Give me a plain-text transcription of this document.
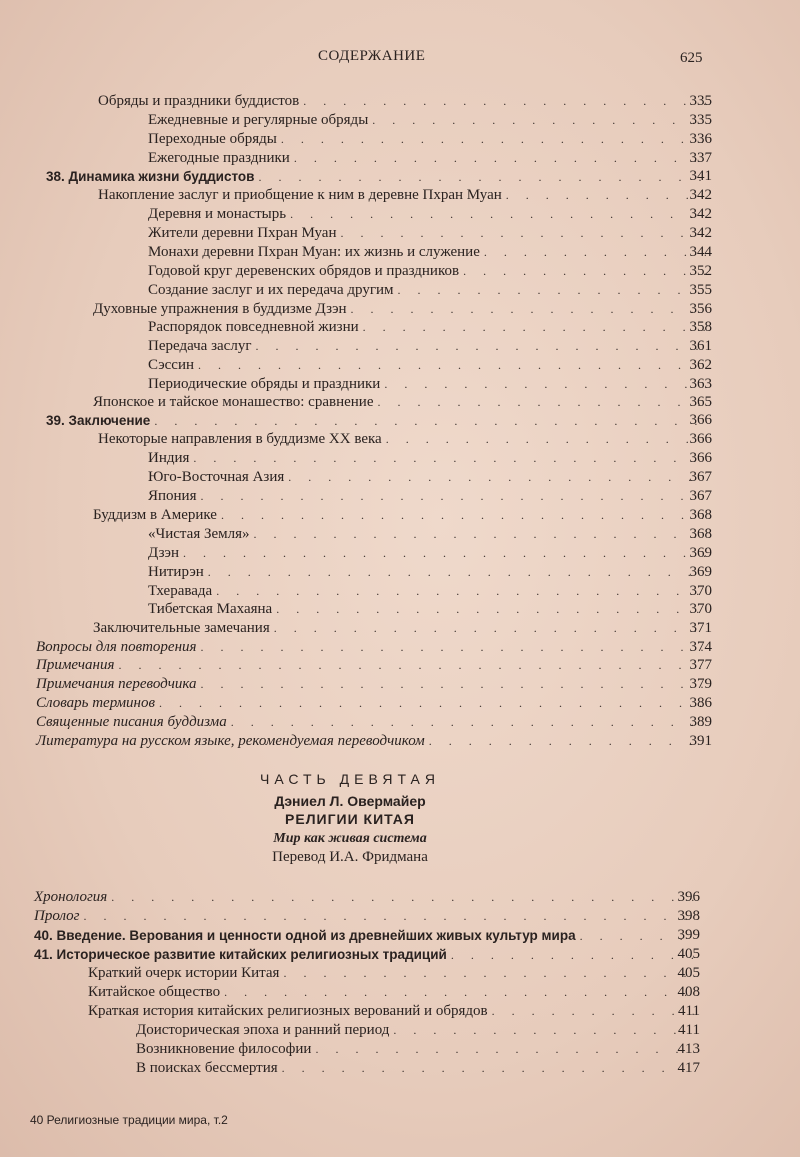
СОДЕРЖАНИЕ	625
Обряды и праздники буддистов . . .	335
Ежедневные и регулярные обряды . . .	335
Переходные обряды . . .	336
Ежегодные праздники . . .	337
38. Динамика жизни буддистов . . .	341
Накопление заслуг и приобщение к ним в деревне Пхран Муан . . .	342
Деревня и монастырь . . .	342
Жители деревни Пхран Муан . . .	342
Монахи деревни Пхран Муан: их жизнь и служение . . .	344
Годовой круг деревенских обрядов и праздников . . .	352
Создание заслуг и их передача другим . . .	355
Духовные упражнения в буддизме Дзэн . . .	356
Распорядок повседневной жизни . . .	358
Передача заслуг . . .	361
Сэссин . . .	362
Периодические обряды и праздники . . .	363
Японское и тайское монашество: сравнение . . .	365
39. Заключение . . .	366
Некоторые направления в буддизме XX века . . .	366
Индия . . .	366
Юго-Восточная Азия . . .	367
Япония . . .	367
Буддизм в Америке . . .	368
«Чистая Земля» . . .	368
Дзэн . . .	369
Нитирэн . . .	369
Тхеравада . . .	370
Тибетская Махаяна . . .	370
Заключительные замечания . . .	371
Вопросы для повторения . . .	374
Примечания . . .	377
Примечания переводчика . . .	379
Словарь терминов . . .	386
Священные писания буддизма . . .	389
Литература на русском языке, рекомендуемая переводчиком . . .	391
ЧАСТЬ ДЕВЯТАЯ
Дэниел Л. Овермайер
РЕЛИГИИ КИТАЯ
Мир как живая система
Перевод И.А. Фридмана
Хронология . . .	396
Пролог . . .	398
40. Введение. Верования и ценности одной из древнейших живых культур мира . . .	399
41. Историческое развитие китайских религиозных традиций . . .	405
Краткий очерк истории Китая . . .	405
Китайское общество . . .	408
Краткая история китайских религиозных верований и обрядов . . .	411
Доисторическая эпоха и ранний период . . .	411
Возникновение философии . . .	413
В поисках бессмертия . . .	417
40 Религиозные традиции мира, т.2
